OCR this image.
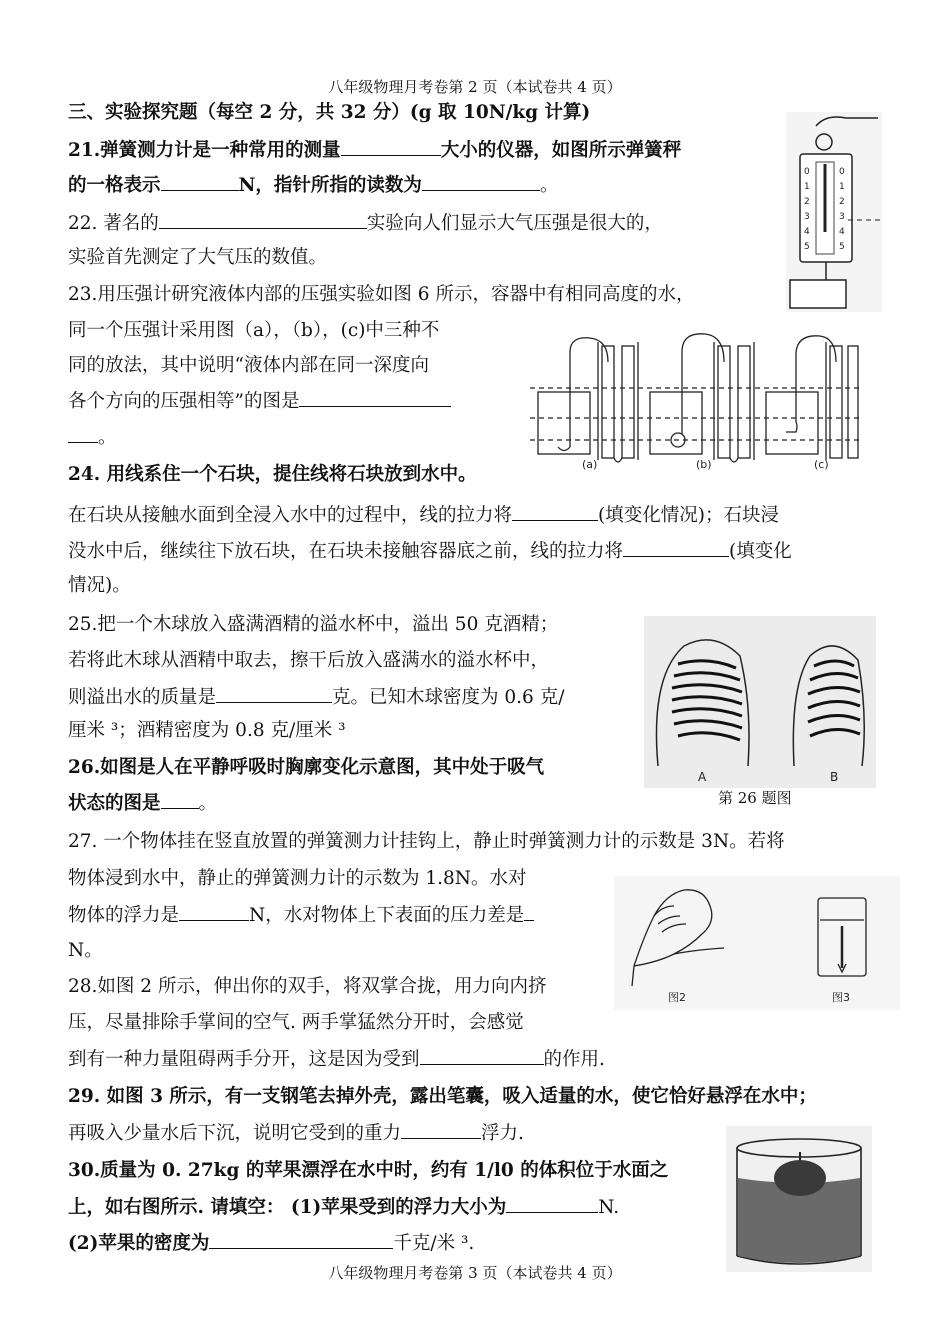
八年级物理月考卷第 2 页（本试卷共 4 页）
三、实验探究题（每空 2 分，共 32 分）(g 取 10N/kg 计算)
21.弹簧测力计是一种常用的测量	大小的仪器，如图所示弹簧秤
的一格表示	N，指针所指的读数为	。
0
1
2
3
4
5
0
1
2
3
4
5
22. 著名的	实验向人们显示大气压强是很大的，
实验首先测定了大气压的数值。
23.用压强计研究液体内部的压强实验如图 6 所示，容器中有相同高度的水，
同一个压强计采用图（a），（b），(c)中三种不
同的放法，其中说明“液体内部在同一深度向
各个方向的压强相等”的图是
。
(a)	(b)	(c)
24. 用线系住一个石块，提住线将石块放到水中。
在石块从接触水面到全浸入水中的过程中，线的拉力将	(填变化情况)；石块浸
没水中后，继续往下放石块，在石块未接触容器底之前，线的拉力将	(填变化
情况)。
25.把一个木球放入盛满酒精的溢水杯中，溢出 50 克酒精；
若将此木球从酒精中取去，擦干后放入盛满水的溢水杯中，
则溢出水的质量是	克。已知木球密度为 0.6 克/
厘米 ³；酒精密度为 0.8 克/厘米 ³
A	B
第 26 题图
26.如图是人在平静呼吸时胸廓变化示意图，其中处于吸气
状态的图是 。
27. 一个物体挂在竖直放置的弹簧测力计挂钩上，静止时弹簧测力计的示数是 3N。若将
物体浸到水中，静止的弹簧测力计的示数为 1.8N。水对
物体的浮力是	N，水对物体上下表面的压力差是
N。
图2	图3
28.如图 2 所示，伸出你的双手，将双掌合拢，用力向内挤
压，尽量排除手掌间的空气. 两手掌猛然分开时，会感觉
到有一种力量阻碍两手分开，这是因为受到	的作用.
29. 如图 3 所示，有一支钢笔去掉外壳，露出笔囊，吸入适量的水，使它恰好悬浮在水中；
再吸入少量水后下沉，说明它受到的重力	浮力.
30.质量为 0. 27kg 的苹果漂浮在水中时，约有 1/l0 的体积位于水面之
上，如右图所示. 请填空： (1)苹果受到的浮力大小为	N.
(2)苹果的密度为	千克/米 ³.
八年级物理月考卷第 3 页（本试卷共 4 页）
